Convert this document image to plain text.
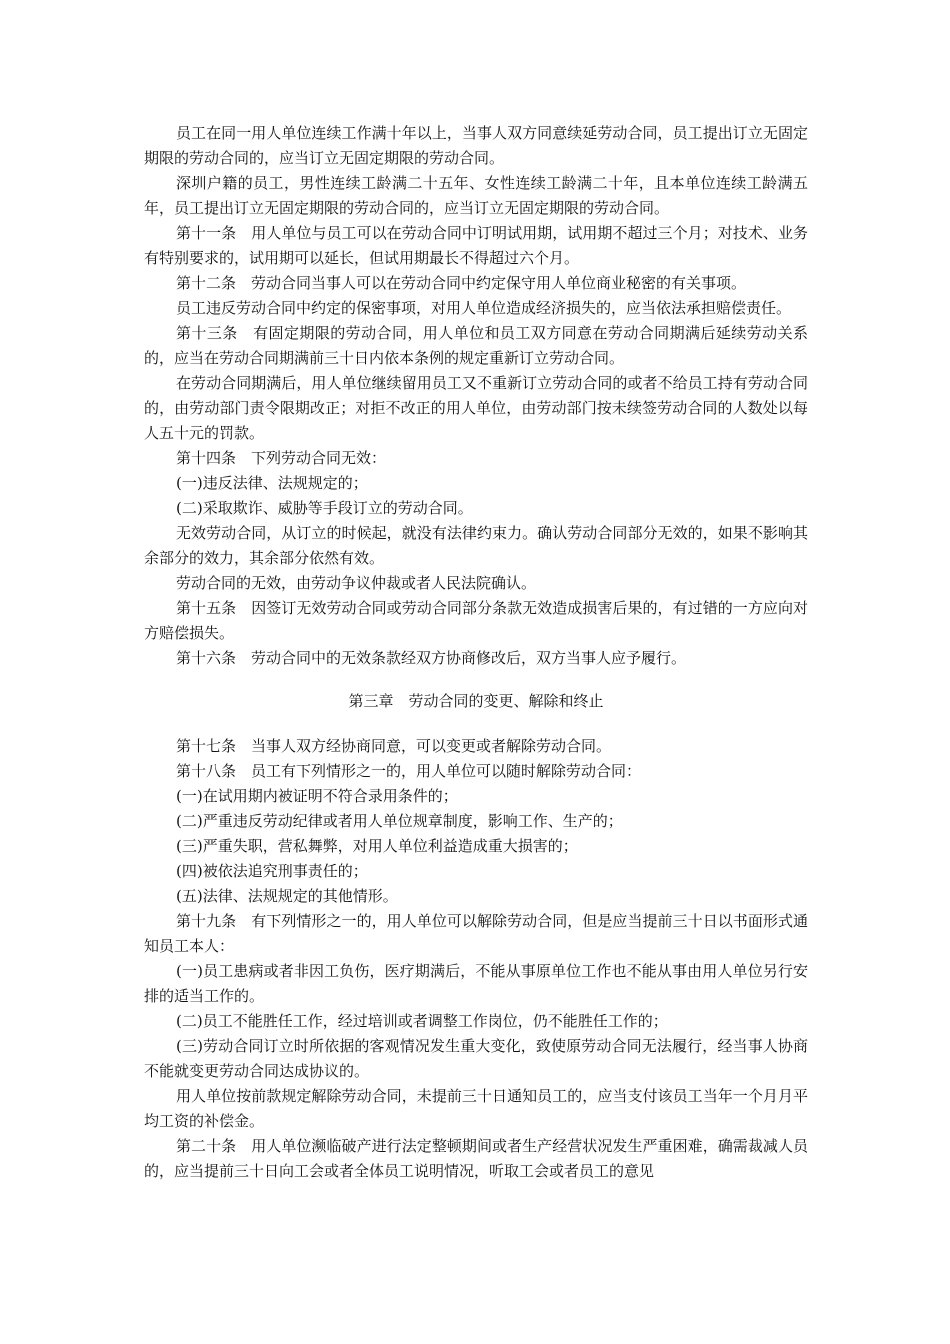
员工在同一用人单位连续工作满十年以上，当事人双方同意续延劳动合同，员工提出订立无固定期限的劳动合同的，应当订立无固定期限的劳动合同。

深圳户籍的员工，男性连续工龄满二十五年、女性连续工龄满二十年，且本单位连续工龄满五年，员工提出订立无固定期限的劳动合同的，应当订立无固定期限的劳动合同。

第十一条　用人单位与员工可以在劳动合同中订明试用期，试用期不超过三个月；对技术、业务有特别要求的，试用期可以延长，但试用期最长不得超过六个月。

第十二条　劳动合同当事人可以在劳动合同中约定保守用人单位商业秘密的有关事项。

员工违反劳动合同中约定的保密事项，对用人单位造成经济损失的，应当依法承担赔偿责任。

第十三条　有固定期限的劳动合同，用人单位和员工双方同意在劳动合同期满后延续劳动关系的，应当在劳动合同期满前三十日内依本条例的规定重新订立劳动合同。

在劳动合同期满后，用人单位继续留用员工又不重新订立劳动合同的或者不给员工持有劳动合同的，由劳动部门责令限期改正；对拒不改正的用人单位，由劳动部门按未续签劳动合同的人数处以每人五十元的罚款。

第十四条　下列劳动合同无效：

(一)违反法律、法规规定的；

(二)采取欺诈、威胁等手段订立的劳动合同。

无效劳动合同，从订立的时候起，就没有法律约束力。确认劳动合同部分无效的，如果不影响其余部分的效力，其余部分依然有效。

劳动合同的无效，由劳动争议仲裁或者人民法院确认。

第十五条　因签订无效劳动合同或劳动合同部分条款无效造成损害后果的，有过错的一方应向对方赔偿损失。

第十六条　劳动合同中的无效条款经双方协商修改后，双方当事人应予履行。

第三章　劳动合同的变更、解除和终止

第十七条　当事人双方经协商同意，可以变更或者解除劳动合同。

第十八条　员工有下列情形之一的，用人单位可以随时解除劳动合同：

(一)在试用期内被证明不符合录用条件的；

(二)严重违反劳动纪律或者用人单位规章制度，影响工作、生产的；

(三)严重失职，营私舞弊，对用人单位利益造成重大损害的；

(四)被依法追究刑事责任的；

(五)法律、法规规定的其他情形。

第十九条　有下列情形之一的，用人单位可以解除劳动合同，但是应当提前三十日以书面形式通知员工本人：

(一)员工患病或者非因工负伤，医疗期满后，不能从事原单位工作也不能从事由用人单位另行安排的适当工作的。

(二)员工不能胜任工作，经过培训或者调整工作岗位，仍不能胜任工作的；

(三)劳动合同订立时所依据的客观情况发生重大变化，致使原劳动合同无法履行，经当事人协商不能就变更劳动合同达成协议的。

用人单位按前款规定解除劳动合同，未提前三十日通知员工的，应当支付该员工当年一个月月平均工资的补偿金。

第二十条　用人单位濒临破产进行法定整顿期间或者生产经营状况发生严重困难，确需裁减人员的，应当提前三十日向工会或者全体员工说明情况，听取工会或者员工的意见
